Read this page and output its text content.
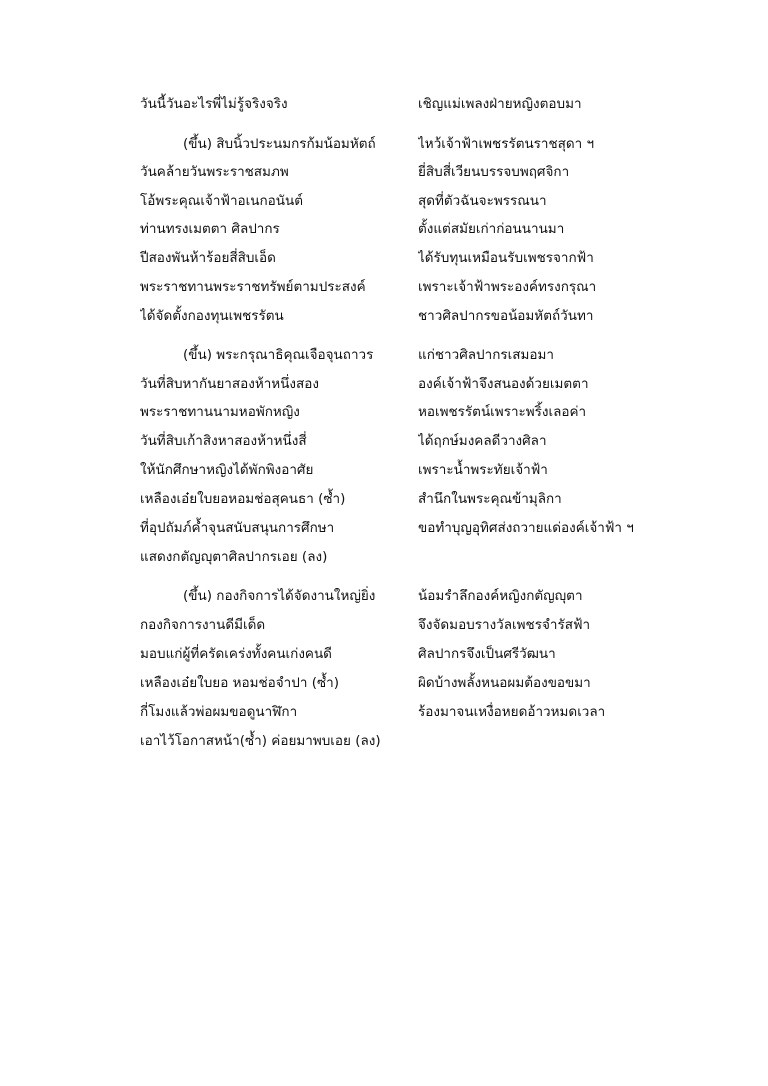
วันนี้วันอะไรพี่ไม่รู้จริงจริง	เชิญแม่เพลงฝ่ายหญิงตอบมา
(ขึ้น) สิบนิ้วประนมกรก้มน้อมหัตถ์	ไหว้เจ้าฟ้าเพชรรัตนราชสุดา ฯ
วันคล้ายวันพระราชสมภพ	ยี่สิบสี่เวียนบรรจบพฤศจิกา
โอ้พระคุณเจ้าฟ้าอเนกอนันต์	สุดที่ตัวฉันจะพรรณนา
ท่านทรงเมตตา ศิลปากร	ตั้งแต่สมัยเก่าก่อนนานมา
ปีสองพันห้าร้อยสี่สิบเอ็ด	ได้รับทุนเหมือนรับเพชรจากฟ้า
พระราชทานพระราชทรัพย์ตามประสงค์	เพราะเจ้าฟ้าพระองค์ทรงกรุณา
ได้จัดตั้งกองทุนเพชรรัตน	ชาวศิลปากรขอน้อมหัตถ์วันทา
(ขึ้น) พระกรุณาธิคุณเจือจุนถาวร	แก่ชาวศิลปากรเสมอมา
วันที่สิบหากันยาสองห้าหนึ่งสอง	องค์เจ้าฟ้าจึงสนองด้วยเมตตา
พระราชทานนามหอพักหญิง	หอเพชรรัตน์เพราะพริ้งเลอค่า
วันที่สิบเก้าสิงหาสองห้าหนึ่งสี่	ได้ฤกษ์มงคลดีวางศิลา
ให้นักศึกษาหญิงได้พักพิงอาศัย	เพราะน้ำพระทัยเจ้าฟ้า
เหลืองเอ๋ยใบยอหอมช่อสุคนธา (ซ้ำ)	สำนึกในพระคุณข้ามุลิกา
ที่อุปถัมภ์ค้ำจุนสนับสนุนการศึกษา	ขอทำบุญอุทิศส่งถวายแด่องค์เจ้าฟ้า ฯ
แสดงกตัญญุตาศิลปากรเอย (ลง)
(ขึ้น) กองกิจการได้จัดงานใหญ่ยิ่ง	น้อมรำลึกองค์หญิงกตัญญุตา
กองกิจการงานดีมีเด็ด	จึงจัดมอบรางวัลเพชรจำรัสฟ้า
มอบแก่ผู้ที่ครัดเคร่งทั้งคนเก่งคนดี	ศิลปากรจึงเป็นศรีวัฒนา
เหลืองเอ๋ยใบยอ หอมช่อจำปา (ซ้ำ)	ผิดบ้างพลั้งหนอผมต้องขอขมา
กี่โมงแล้วพ่อผมขอดูนาฬิกา	ร้องมาจนเหงื่อหยดอ้าวหมดเวลา
เอาไว้โอกาสหน้า(ซ้ำ) ค่อยมาพบเอย (ลง)
